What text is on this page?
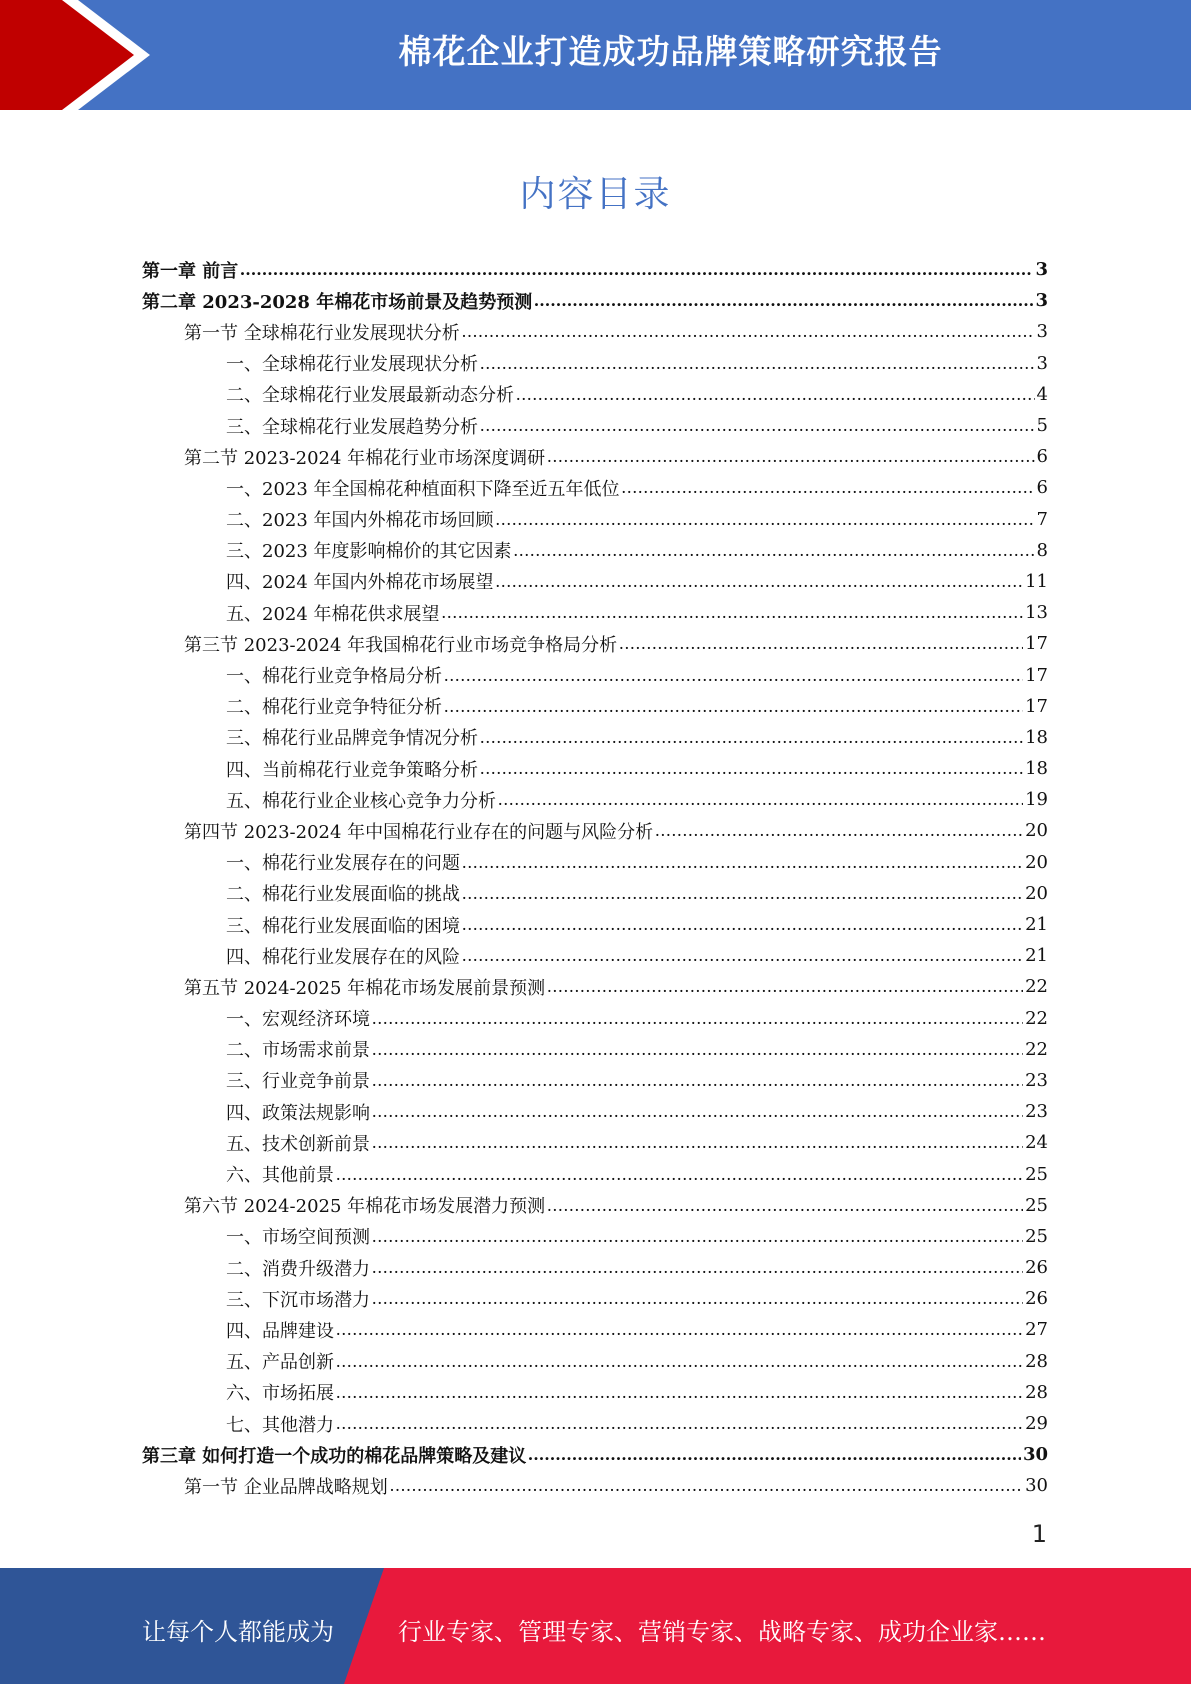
棉花企业打造成功品牌策略研究报告
内容目录
第一章 前言 .....	3
第二章 2023-2028 年棉花市场前景及趋势预测 .....	3
第一节 全球棉花行业发展现状分析 .....	3
一、全球棉花行业发展现状分析 .....	3
二、全球棉花行业发展最新动态分析 .....	4
三、全球棉花行业发展趋势分析 .....	5
第二节 2023-2024 年棉花行业市场深度调研 .....	6
一、2023 年全国棉花种植面积下降至近五年低位 .....	6
二、2023 年国内外棉花市场回顾 .....	7
三、2023 年度影响棉价的其它因素 .....	8
四、2024 年国内外棉花市场展望 .....	11
五、2024 年棉花供求展望 .....	13
第三节 2023-2024 年我国棉花行业市场竞争格局分析 .....	17
一、棉花行业竞争格局分析 .....	17
二、棉花行业竞争特征分析 .....	17
三、棉花行业品牌竞争情况分析 .....	18
四、当前棉花行业竞争策略分析 .....	18
五、棉花行业企业核心竞争力分析 .....	19
第四节 2023-2024 年中国棉花行业存在的问题与风险分析 .....	20
一、棉花行业发展存在的问题 .....	20
二、棉花行业发展面临的挑战 .....	20
三、棉花行业发展面临的困境 .....	21
四、棉花行业发展存在的风险 .....	21
第五节 2024-2025 年棉花市场发展前景预测 .....	22
一、宏观经济环境 .....	22
二、市场需求前景 .....	22
三、行业竞争前景 .....	23
四、政策法规影响 .....	23
五、技术创新前景 .....	24
六、其他前景 .....	25
第六节 2024-2025 年棉花市场发展潜力预测 .....	25
一、市场空间预测 .....	25
二、消费升级潜力 .....	26
三、下沉市场潜力 .....	26
四、品牌建设 .....	27
五、产品创新 .....	28
六、市场拓展 .....	28
七、其他潜力 .....	29
第三章 如何打造一个成功的棉花品牌策略及建议 .....	30
第一节 企业品牌战略规划 .....	30
1
让每个人都能成为	行业专家、管理专家、营销专家、战略专家、成功企业家……
